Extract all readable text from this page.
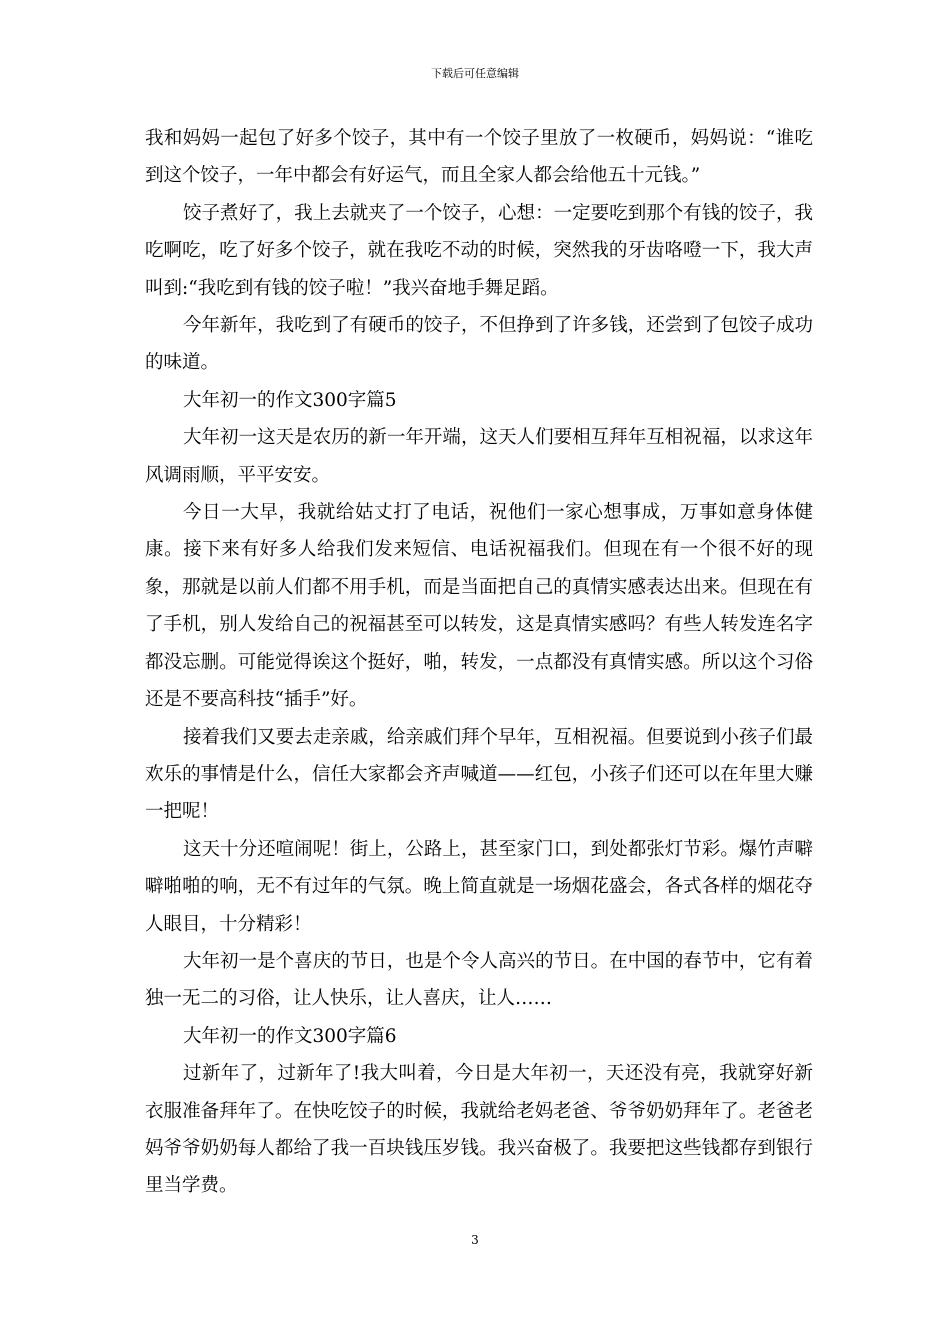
下载后可任意编辑

我和妈妈一起包了好多个饺子，其中有一个饺子里放了一枚硬币，妈妈说：“谁吃到这个饺子，一年中都会有好运气，而且全家人都会给他五十元钱。”

饺子煮好了，我上去就夹了一个饺子，心想：一定要吃到那个有钱的饺子，我吃啊吃，吃了好多个饺子，就在我吃不动的时候，突然我的牙齿咯噔一下，我大声叫到:“我吃到有钱的饺子啦！”我兴奋地手舞足蹈。

今年新年，我吃到了有硬币的饺子，不但挣到了许多钱，还尝到了包饺子成功的味道。

大年初一的作文300字篇5

大年初一这天是农历的新一年开端，这天人们要相互拜年互相祝福，以求这年风调雨顺，平平安安。

今日一大早，我就给姑丈打了电话，祝他们一家心想事成，万事如意身体健康。接下来有好多人给我们发来短信、电话祝福我们。但现在有一个很不好的现象，那就是以前人们都不用手机，而是当面把自己的真情实感表达出来。但现在有了手机，别人发给自己的祝福甚至可以转发，这是真情实感吗？有些人转发连名字都没忘删。可能觉得诶这个挺好，啪，转发，一点都没有真情实感。所以这个习俗还是不要高科技“插手”好。

接着我们又要去走亲戚，给亲戚们拜个早年，互相祝福。但要说到小孩子们最欢乐的事情是什么，信任大家都会齐声喊道——红包，小孩子们还可以在年里大赚一把呢！

这天十分还喧闹呢！街上，公路上，甚至家门口，到处都张灯节彩。爆竹声噼噼啪啪的响，无不有过年的气氛。晚上简直就是一场烟花盛会，各式各样的烟花夺人眼目，十分精彩！

大年初一是个喜庆的节日，也是个令人高兴的节日。在中国的春节中，它有着独一无二的习俗，让人快乐，让人喜庆，让人……

大年初一的作文300字篇6

过新年了，过新年了!我大叫着，今日是大年初一，天还没有亮，我就穿好新衣服准备拜年了。在快吃饺子的时候，我就给老妈老爸、爷爷奶奶拜年了。老爸老妈爷爷奶奶每人都给了我一百块钱压岁钱。我兴奋极了。我要把这些钱都存到银行里当学费。

3
